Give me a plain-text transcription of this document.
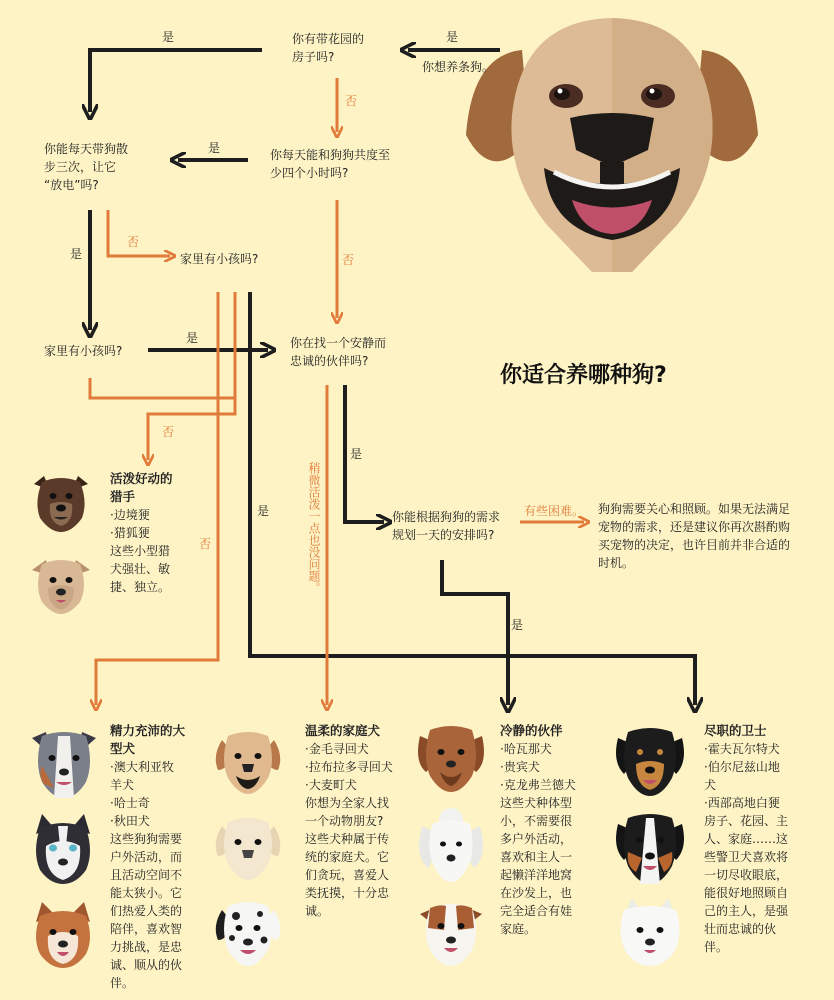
你适合养哪种狗?
你想养条狗。
你有带花园的
房子吗?
你每天能和狗狗共度至
少四个小时吗?
你能每天带狗散
步三次，让它
“放电”吗?
家里有小孩吗?
家里有小孩吗?
你在找一个安静而
忠诚的伙伴吗?
你能根据狗狗的需求
规划一天的安排吗?
是
是
否
是
否
是	否
是
否
是
是
否
是
稍微活泼一点也没问题。	有些困难。 狗狗需要关心和照顾。如果无法满足
宠物的需求，还是建议你再次斟酌购
买宠物的决定，也许目前并非合适的
时机。
活泼好动的
猎手
·边境㹴
·猎狐㹴
这些小型猎
犬强壮、敏
捷、独立。
精力充沛的大
型犬
·澳大利亚牧
羊犬
·哈士奇
·秋田犬
这些狗狗需要
户外活动，而
且活动空间不
能太狭小。它
们热爱人类的
陪伴，喜欢智
力挑战，是忠
诚、顺从的伙
伴。
温柔的家庭犬
·金毛寻回犬
·拉布拉多寻回犬
·大麦町犬
你想为全家人找
一个动物朋友?
这些犬种属于传
统的家庭犬。它
们贪玩，喜爱人
类抚摸，十分忠
诚。
冷静的伙伴
·哈瓦那犬
·贵宾犬
·克龙弗兰德犬
这些犬种体型
小，不需要很
多户外活动，
喜欢和主人一
起懒洋洋地窝
在沙发上，也
完全适合有娃
家庭。
尽职的卫士
·霍夫瓦尔特犬
·伯尔尼兹山地
犬
·西部高地白㹴
房子、花园、主
人、家庭……这
些警卫犬喜欢将
一切尽收眼底，
能很好地照顾自
己的主人，是强
壮而忠诚的伙
伴。
